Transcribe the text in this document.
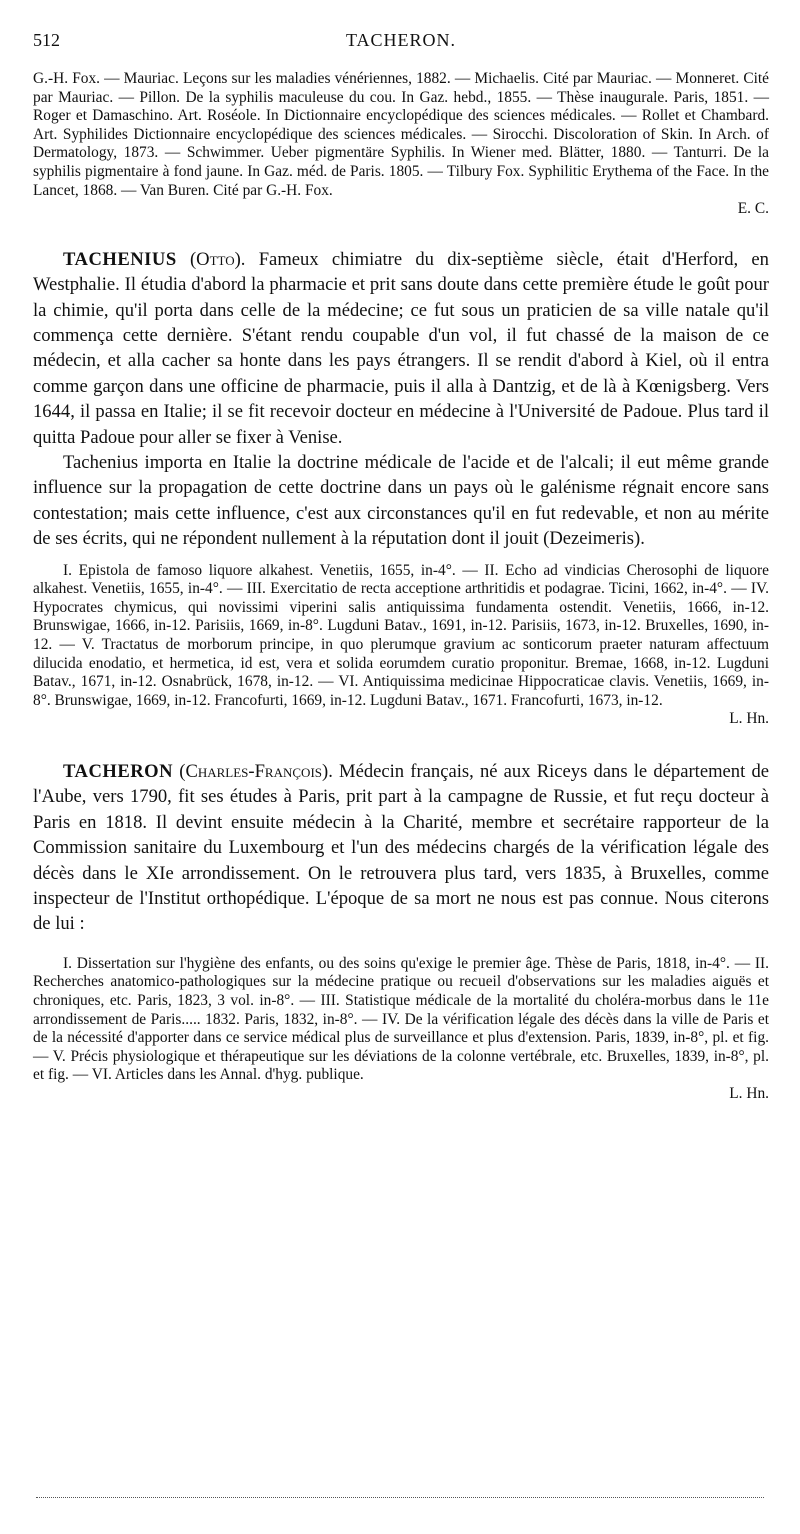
512	TACHERON.
G.-H. Fox. — Mauriac. Leçons sur les maladies vénériennes, 1882. — Michaelis. Cité par Mauriac. — Monneret. Cité par Mauriac. — Pillon. De la syphilis maculeuse du cou. In Gaz. hebd., 1855. — Thèse inaugurale. Paris, 1851. — Roger et Damaschino. Art. Roséole. In Dictionnaire encyclopédique des sciences médicales. — Rollet et Chambard. Art. Syphilides Dictionnaire encyclopédique des sciences médicales. — Sirocchi. Discoloration of Skin. In Arch. of Dermatology, 1873. — Schwimmer. Ueber pigmentäre Syphilis. In Wiener med. Blätter, 1880. — Tanturri. De la syphilis pigmentaire à fond jaune. In Gaz. méd. de Paris. 1805. — Tilbury Fox. Syphilitic Erythema of the Face. In the Lancet, 1868. — Van Buren. Cité par G.-H. Fox.
E. C.

TACHENIUS (Otto). Fameux chimiatre du dix-septième siècle, était d'Herford, en Westphalie. Il étudia d'abord la pharmacie et prit sans doute dans cette première étude le goût pour la chimie, qu'il porta dans celle de la médecine; ce fut sous un praticien de sa ville natale qu'il commença cette dernière. S'étant rendu coupable d'un vol, il fut chassé de la maison de ce médecin, et alla cacher sa honte dans les pays étrangers. Il se rendit d'abord à Kiel, où il entra comme garçon dans une officine de pharmacie, puis il alla à Dantzig, et de là à Kœnigsberg. Vers 1644, il passa en Italie; il se fit recevoir docteur en médecine à l'Université de Padoue. Plus tard il quitta Padoue pour aller se fixer à Venise.

Tachenius importa en Italie la doctrine médicale de l'acide et de l'alcali; il eut même grande influence sur la propagation de cette doctrine dans un pays où le galénisme régnait encore sans contestation; mais cette influence, c'est aux circonstances qu'il en fut redevable, et non au mérite de ses écrits, qui ne répondent nullement à la réputation dont il jouit (Dezeimeris).

I. Epistola de famoso liquore alkahest. Venetiis, 1655, in-4°. — II. Echo ad vindicias Cherosophi de liquore alkahest. Venetiis, 1655, in-4°. — III. Exercitatio de recta acceptione arthritidis et podagrae. Ticini, 1662, in-4°. — IV. Hypocrates chymicus, qui novissimi viperini salis antiquissima fundamenta ostendit. Venetiis, 1666, in-12. Brunswigae, 1666, in-12. Parisiis, 1669, in-8°. Lugduni Batav., 1691, in-12. Parisiis, 1673, in-12. Bruxelles, 1690, in-12. — V. Tractatus de morborum principe, in quo plerumque gravium ac sonticorum praeter naturam affectuum dilucida enodatio, et hermetica, id est, vera et solida eorumdem curatio proponitur. Bremae, 1668, in-12. Lugduni Batav., 1671, in-12. Osnabrück, 1678, in-12. — VI. Antiquissima medicinae Hippocraticae clavis. Venetiis, 1669, in-8°. Brunswigae, 1669, in-12. Francofurti, 1669, in-12. Lugduni Batav., 1671. Francofurti, 1673, in-12.
L. Hn.

TACHERON (Charles-François). Médecin français, né aux Riceys dans le département de l'Aube, vers 1790, fit ses études à Paris, prit part à la campagne de Russie, et fut reçu docteur à Paris en 1818. Il devint ensuite médecin à la Charité, membre et secrétaire rapporteur de la Commission sanitaire du Luxembourg et l'un des médecins chargés de la vérification légale des décès dans le XIe arrondissement. On le retrouvera plus tard, vers 1835, à Bruxelles, comme inspecteur de l'Institut orthopédique. L'époque de sa mort ne nous est pas connue. Nous citerons de lui :

I. Dissertation sur l'hygiène des enfants, ou des soins qu'exige le premier âge. Thèse de Paris, 1818, in-4°. — II. Recherches anatomico-pathologiques sur la médecine pratique ou recueil d'observations sur les maladies aiguës et chroniques, etc. Paris, 1823, 3 vol. in-8°. — III. Statistique médicale de la mortalité du choléra-morbus dans le 11e arrondissement de Paris..... 1832. Paris, 1832, in-8°. — IV. De la vérification légale des décès dans la ville de Paris et de la nécessité d'apporter dans ce service médical plus de surveillance et plus d'extension. Paris, 1839, in-8°, pl. et fig. — V. Précis physiologique et thérapeutique sur les déviations de la colonne vertébrale, etc. Bruxelles, 1839, in-8°, pl. et fig. — VI. Articles dans les Annal. d'hyg. publique.
L. Hn.
